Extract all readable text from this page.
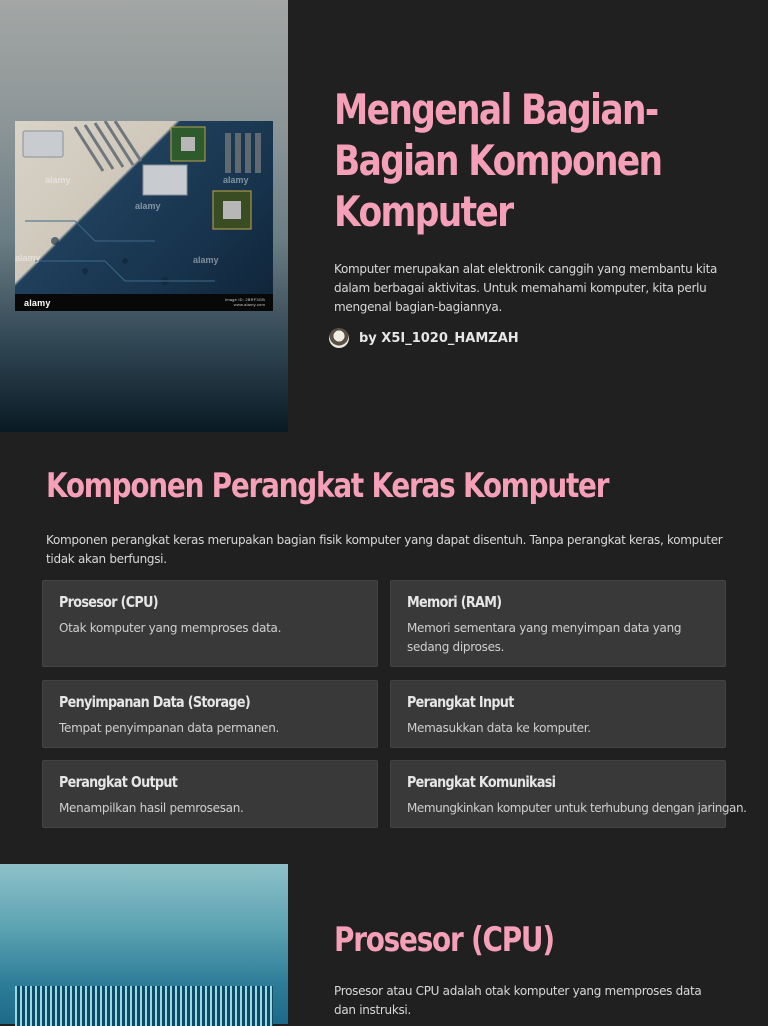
alamy	alamy
alamy
alamy	alamy
alamy	Image ID: 2BRF3GB
www.alamy.com
Mengenal Bagian-Bagian Komponen Komputer

Komputer merupakan alat elektronik canggih yang membantu kita dalam berbagai aktivitas. Untuk memahami komputer, kita perlu mengenal bagian-bagiannya.

by X5I_1020_HAMZAH
Komponen Perangkat Keras Komputer

Komponen perangkat keras merupakan bagian fisik komputer yang dapat disentuh. Tanpa perangkat keras, komputer tidak akan berfungsi.

Prosesor (CPU)

Otak komputer yang memproses data.

Memori (RAM)

Memori sementara yang menyimpan data yang sedang diproses.

Penyimpanan Data (Storage)

Tempat penyimpanan data permanen.

Perangkat Input

Memasukkan data ke komputer.

Perangkat Output

Menampilkan hasil pemrosesan.

Perangkat Komunikasi

Memungkinkan komputer untuk terhubung dengan jaringan.

Prosesor (CPU)

Prosesor atau CPU adalah otak komputer yang memproses data dan instruksi.
